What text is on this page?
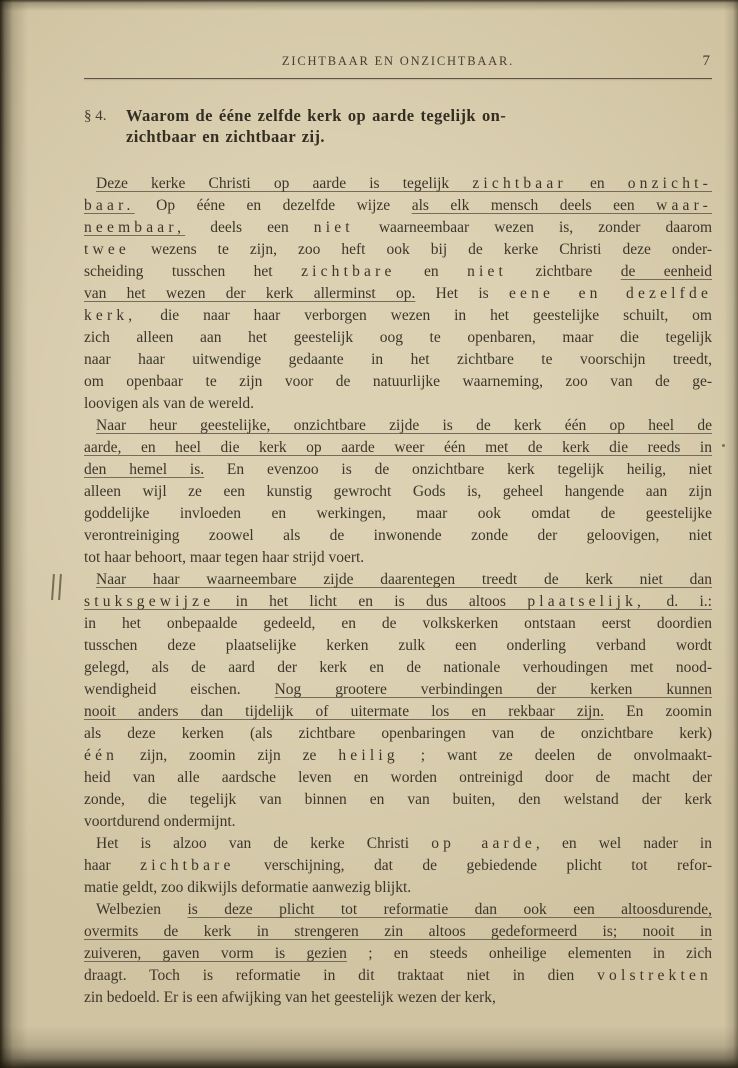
ZICHTBAAR EN ONZICHTBAAR.	7
§ 4.	Waarom de ééne zelfde kerk op aarde tegelijk on-
zichtbaar en zichtbaar zij.
Deze kerke Christi op aarde is tegelijk zichtbaar en onzicht-
baar. Op ééne en dezelfde wijze als elk mensch deels een waar-
neembaar, deels een niet waarneembaar wezen is, zonder daarom
twee wezens te zijn, zoo heft ook bij de kerke Christi deze onder-
scheiding tusschen het zichtbare en niet zichtbare de eenheid
van het wezen der kerk allerminst op. Het is eene en dezelfde
kerk, die naar haar verborgen wezen in het geestelijke schuilt, om
zich alleen aan het geestelijk oog te openbaren, maar die tegelijk
naar haar uitwendige gedaante in het zichtbare te voorschijn treedt,
om openbaar te zijn voor de natuurlijke waarneming, zoo van de ge-
loovigen als van de wereld.
Naar heur geestelijke, onzichtbare zijde is de kerk één op heel de
aarde, en heel die kerk op aarde weer één met de kerk die reeds in
den hemel is. En evenzoo is de onzichtbare kerk tegelijk heilig, niet
alleen wijl ze een kunstig gewrocht Gods is, geheel hangende aan zijn
goddelijke invloeden en werkingen, maar ook omdat de geestelijke
verontreiniging zoowel als de inwonende zonde der geloovigen, niet
tot haar behoort, maar tegen haar strijd voert.
Naar haar waarneembare zijde daarentegen treedt de kerk niet dan
stuksgewijze in het licht en is dus altoos plaatselijk, d. i.:
in het onbepaalde gedeeld, en de volkskerken ontstaan eerst doordien
tusschen deze plaatselijke kerken zulk een onderling verband wordt
gelegd, als de aard der kerk en de nationale verhoudingen met nood-
wendigheid eischen. Nog grootere verbindingen der kerken kunnen
nooit anders dan tijdelijk of uitermate los en rekbaar zijn. En zoomin
als deze kerken (als zichtbare openbaringen van de onzichtbare kerk)
één zijn, zoomin zijn ze heilig ; want ze deelen de onvolmaakt-
heid van alle aardsche leven en worden ontreinigd door de macht der
zonde, die tegelijk van binnen en van buiten, den welstand der kerk
voortdurend ondermijnt.
Het is alzoo van de kerke Christi op aarde, en wel nader in
haar zichtbare verschijning, dat de gebiedende plicht tot refor-
matie geldt, zoo dikwijls deformatie aanwezig blijkt.
Welbezien is deze plicht tot reformatie dan ook een altoosdurende,
overmits de kerk in strengeren zin altoos gedeformeerd is; nooit in
zuiveren, gaven vorm is gezien ; en steeds onheilige elementen in zich
draagt. Toch is reformatie in dit traktaat niet in dien volstrekten
zin bedoeld. Er is een afwijking van het geestelijk wezen der kerk,
